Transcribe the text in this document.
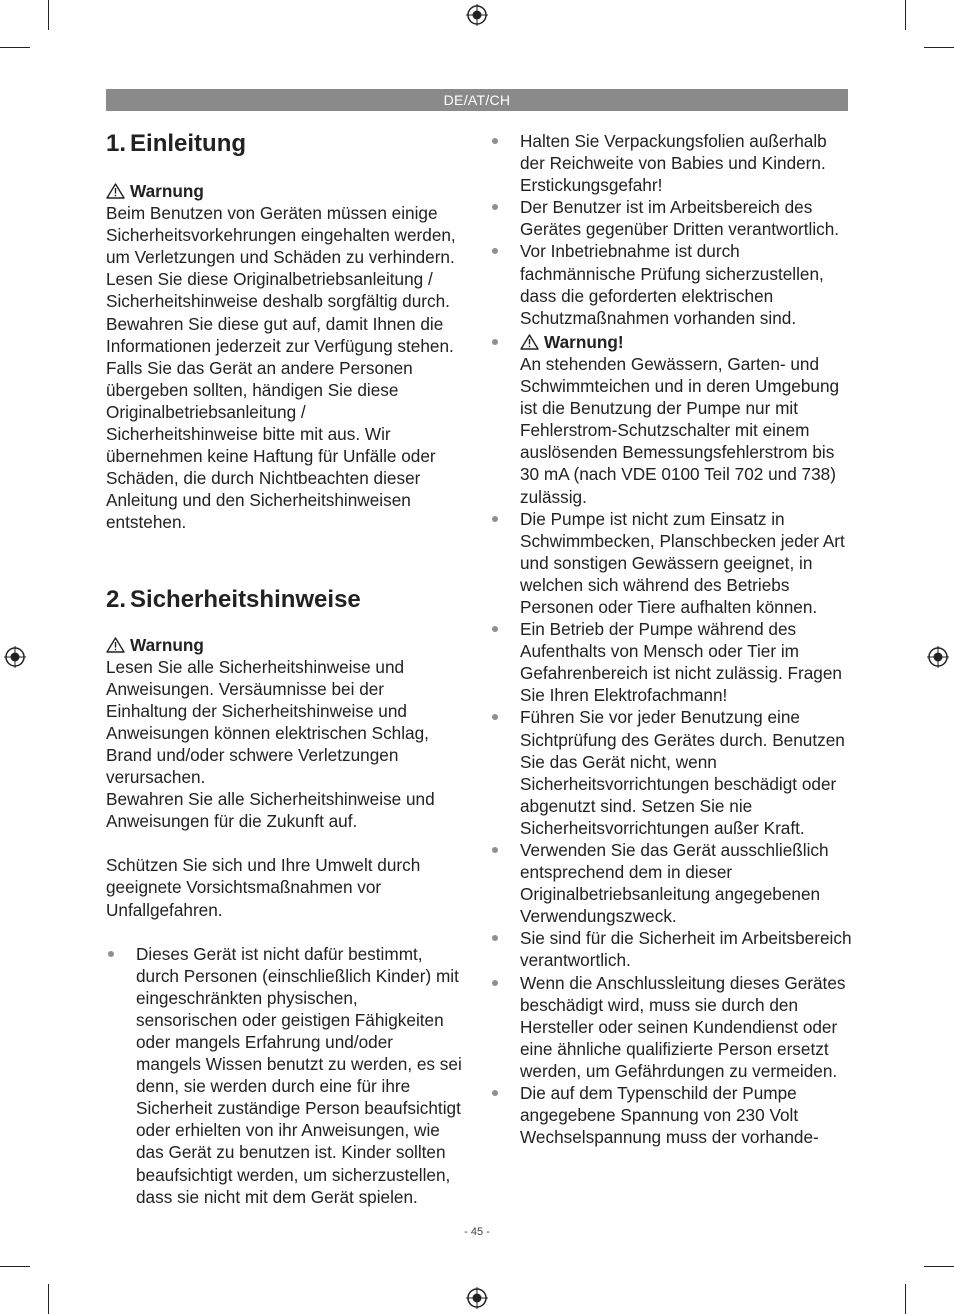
DE/AT/CH
1. Einleitung
Warnung

Beim Benutzen von Geräten müssen einige Sicherheitsvorkehrungen eingehalten werden, um Verletzungen und Schäden zu verhindern. Lesen Sie diese Originalbetriebsanleitung / Sicherheitshinweise deshalb sorgfältig durch. Bewahren Sie diese gut auf, damit Ihnen die Informationen jederzeit zur Verfügung stehen. Falls Sie das Gerät an andere Personen übergeben sollten, händigen Sie diese Originalbetriebsanleitung / Sicherheitshinweise bitte mit aus. Wir übernehmen keine Haftung für Unfälle oder Schäden, die durch Nichtbeachten dieser Anleitung und den Sicherheitshinweisen entstehen.

2. Sicherheitshinweise
Warnung

Lesen Sie alle Sicherheitshinweise und Anweisungen. Versäumnisse bei der Einhaltung der Sicherheitshinweise und Anweisungen können elektrischen Schlag, Brand und/oder schwere Verletzungen verursachen.

Bewahren Sie alle Sicherheitshinweise und Anweisungen für die Zukunft auf.

Schützen Sie sich und Ihre Umwelt durch geeignete Vorsichtsmaßnahmen vor Unfallgefahren.

Dieses Gerät ist nicht dafür bestimmt, durch Personen (einschließlich Kinder) mit eingeschränkten physischen, sensorischen oder geistigen Fähigkeiten oder mangels Erfahrung und/oder mangels Wissen benutzt zu werden, es sei denn, sie werden durch eine für ihre Sicherheit zuständige Person beaufsichtigt oder erhielten von ihr Anweisungen, wie das Gerät zu benutzen ist. Kinder sollten beaufsichtigt werden, um sicherzustellen, dass sie nicht mit dem Gerät spielen.
Halten Sie Verpackungsfolien außerhalb der Reichweite von Babies und Kindern. Erstickungsgefahr!
Der Benutzer ist im Arbeitsbereich des Gerätes gegenüber Dritten verantwortlich.
Vor Inbetriebnahme ist durch fachmännische Prüfung sicherzustellen, dass die geforderten elektrischen Schutzmaßnahmen vorhanden sind.
Warnung!
An stehenden Gewässern, Garten- und Schwimmteichen und in deren Umgebung ist die Benutzung der Pumpe nur mit Fehlerstrom-Schutzschalter mit einem auslösenden Bemessungsfehlerstrom bis 30 mA (nach VDE 0100 Teil 702 und 738) zulässig.
Die Pumpe ist nicht zum Einsatz in Schwimmbecken, Planschbecken jeder Art und sonstigen Gewässern geeignet, in welchen sich während des Betriebs Personen oder Tiere aufhalten können.
Ein Betrieb der Pumpe während des Aufenthalts von Mensch oder Tier im Gefahrenbereich ist nicht zulässig. Fragen Sie Ihren Elektrofachmann!
Führen Sie vor jeder Benutzung eine Sichtprüfung des Gerätes durch. Benutzen Sie das Gerät nicht, wenn Sicherheitsvorrichtungen beschädigt oder abgenutzt sind. Setzen Sie nie Sicherheitsvorrichtungen außer Kraft.
Verwenden Sie das Gerät ausschließlich entsprechend dem in dieser Originalbetriebsanleitung angegebenen Verwendungszweck.
Sie sind für die Sicherheit im Arbeitsbereich verantwortlich.
Wenn die Anschlussleitung dieses Gerätes beschädigt wird, muss sie durch den Hersteller oder seinen Kundendienst oder eine ähnliche qualifizierte Person ersetzt werden, um Gefährdungen zu vermeiden.
Die auf dem Typenschild der Pumpe angegebene Spannung von 230 Volt Wechselspannung muss der vorhande-
- 45 -
